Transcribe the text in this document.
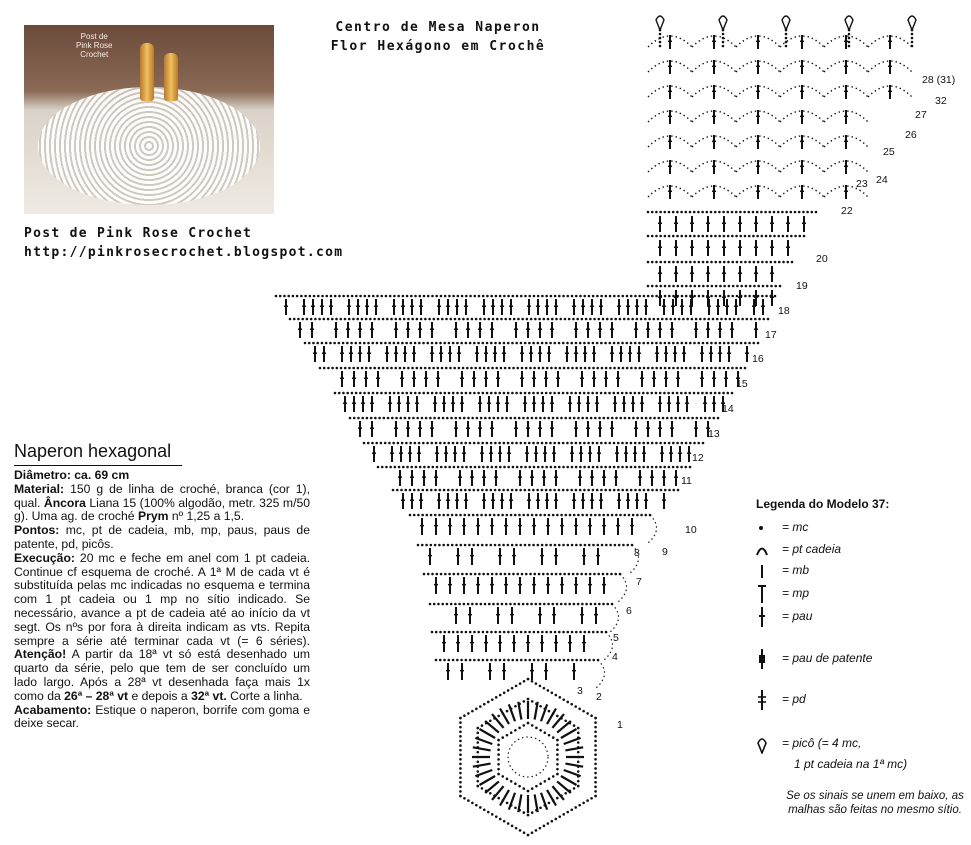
Post de
Pink Rose
Crochet
Centro de Mesa Naperon
Flor Hexágono em Crochê
Post de Pink Rose Crochet
http://pinkrosecrochet.blogspot.com
Naperon hexagonal

Diâmetro: ca. 69 cm

Material: 150 g de linha de croché, branca (cor 1), qual. Âncora Liana 15 (100% algodão, metr. 325 m/50 g). Uma ag. de croché Prym nº 1,25 a 1,5.

Pontos: mc, pt de cadeia, mb, mp, paus, paus de patente, pd, picôs.

Execução: 20 mc e feche em anel com 1 pt cadeia. Continue cf esquema de croché. A 1ª M de cada vt é substituída pelas mc indicadas no esquema e termina com 1 pt cadeia ou 1 mp no sítio indicado. Se necessário, avance a pt de cadeia até ao início da vt segt. Os nºs por fora à direita indicam as vts. Repita sempre a série até terminar cada vt (= 6 séries). Atenção! A partir da 18ª vt só está desenhado um quarto da série, pelo que tem de ser concluído um lado largo. Após a 28ª vt desenhada faça mais 1x como da 26ª – 28ª vt e depois a 32ª vt. Corte a linha.

Acabamento: Estique o naperon, borrife com goma e deixe secar.	1
2
3
4
5
6
7
8 9
10
11
12
13
14
15
16
17
18
19
20
22
23 24
25
26
27
28 (31)
32
Legenda do Modelo 37:
= mc
= pt cadeia
= mb
= mp
= pau
= pau de patente
= pd
= picô (= 4 mc,
1 pt cadeia na 1ª mc)
Se os sinais se unem em baixo, as malhas são feitas no mesmo sítio.
